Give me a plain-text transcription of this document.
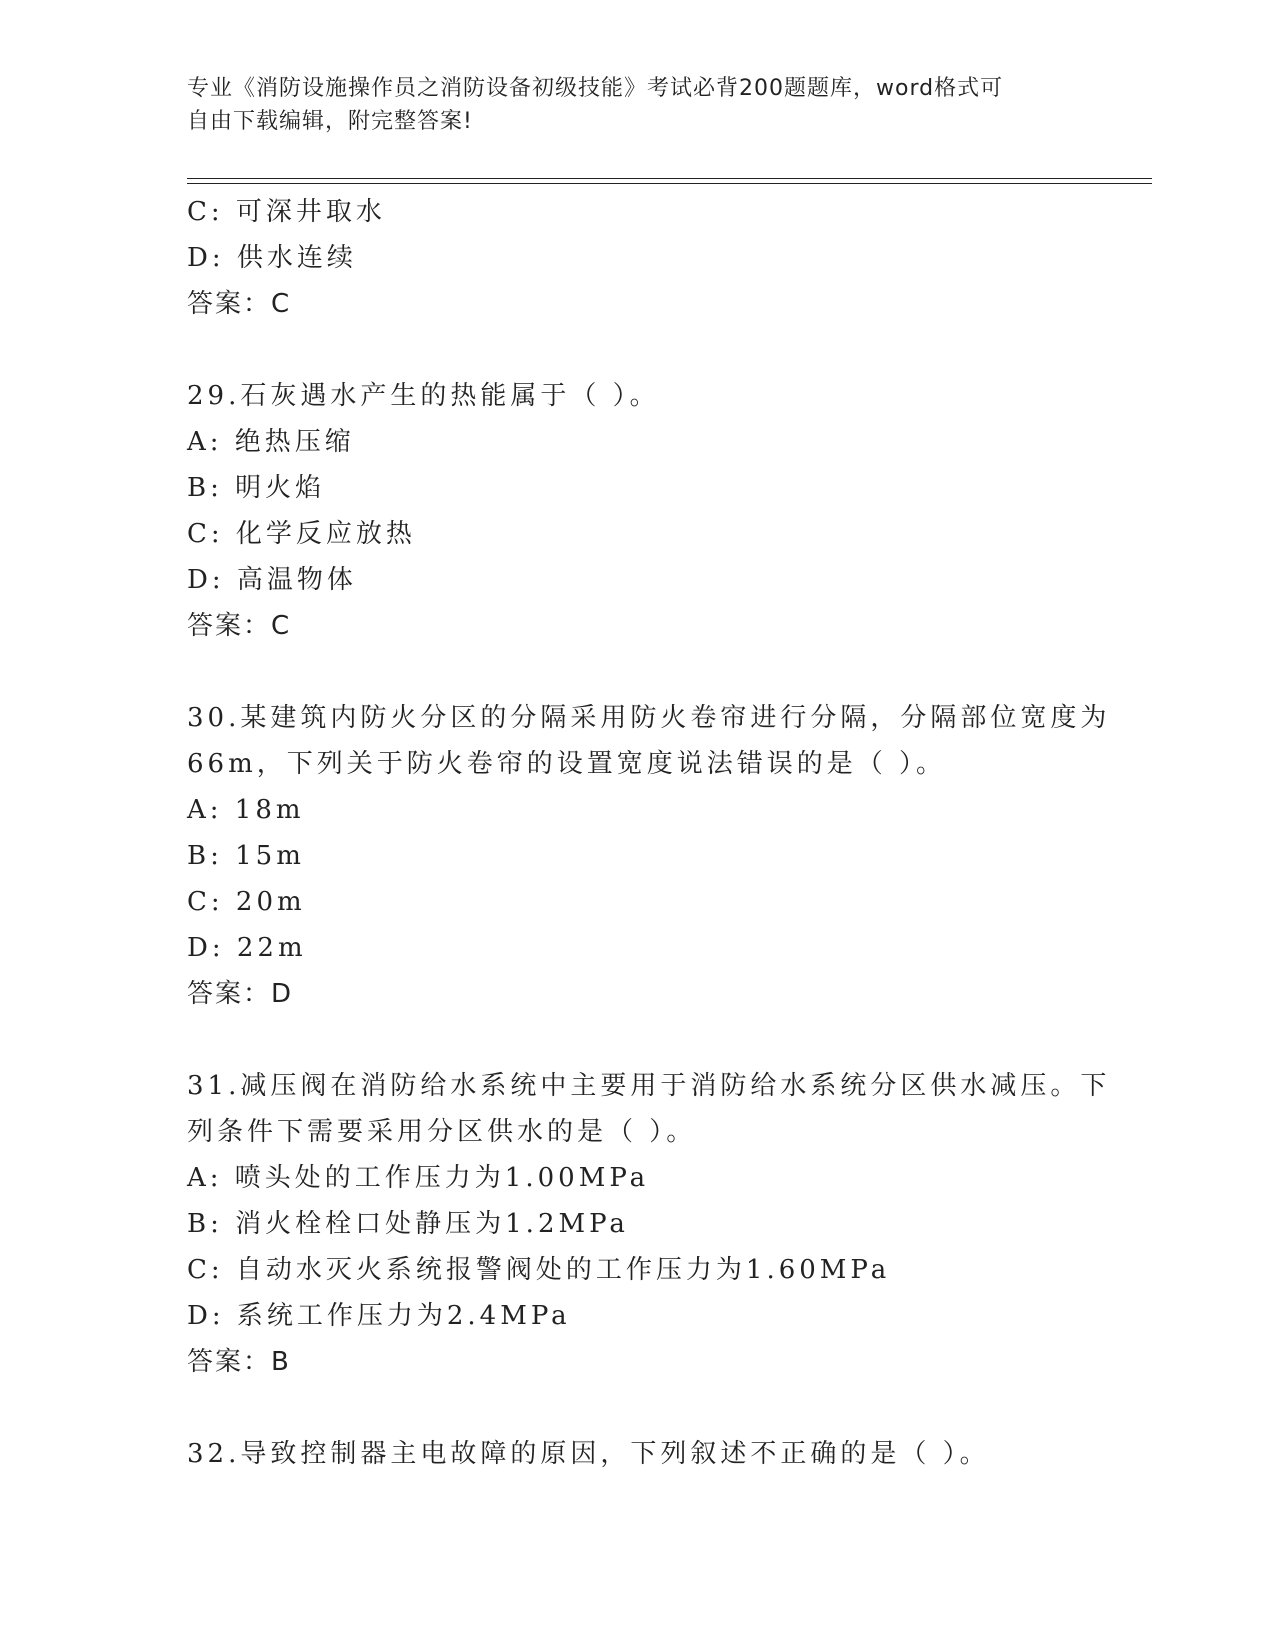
专业《消防设施操作员之消防设备初级技能》考试必背200题题库，word格式可
自由下载编辑，附完整答案!
C: 可深井取水
D: 供水连续
答案：C
29.石灰遇水产生的热能属于（ ）。
A: 绝热压缩
B: 明火焰
C: 化学反应放热
D: 高温物体
答案：C
30.某建筑内防火分区的分隔采用防火卷帘进行分隔，分隔部位宽度为
66m，下列关于防火卷帘的设置宽度说法错误的是（ ）。
A: 18m
B: 15m
C: 20m
D: 22m
答案：D
31.减压阀在消防给水系统中主要用于消防给水系统分区供水减压。下
列条件下需要采用分区供水的是（ ）。
A: 喷头处的工作压力为1.00MPa
B: 消火栓栓口处静压为1.2MPa
C: 自动水灭火系统报警阀处的工作压力为1.60MPa
D: 系统工作压力为2.4MPa
答案：B
32.导致控制器主电故障的原因，下列叙述不正确的是（ ）。
